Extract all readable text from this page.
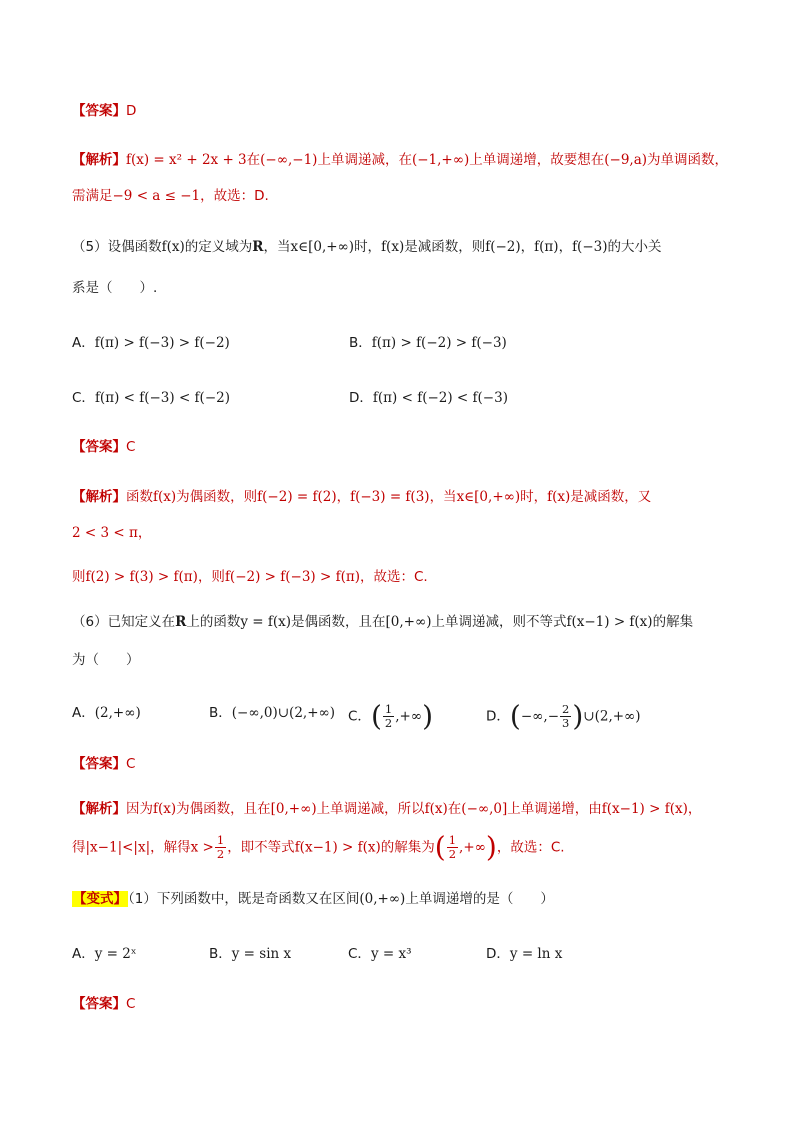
【答案】D
【解析】f(x) = x² + 2x + 3在(−∞,−1)上单调递减，在(−1,+∞)上单调递增，故要想在(−9,a)为单调函数，
需满足−9 < a ≤ −1，故选：D.
（5）设偶函数f(x)的定义域为R，当x∈[0,+∞)时，f(x)是减函数，则f(−2)，f(π)，f(−3)的大小关
系是（　　）.
A．f(π) > f(−3) > f(−2)	B．f(π) > f(−2) > f(−3)
C．f(π) < f(−3) < f(−2)	D．f(π) < f(−2) < f(−3)
【答案】C
【解析】函数f(x)为偶函数，则f(−2) = f(2)，f(−3) = f(3)，当x∈[0,+∞)时，f(x)是减函数，又
2 < 3 < π，
则f(2) > f(3) > f(π)，则f(−2) > f(−3) > f(π)，故选：C.
（6）已知定义在R上的函数y = f(x)是偶函数，且在[0,+∞)上单调递减，则不等式f(x−1) > f(x)的解集
为（　　）
A．(2,+∞)	B．(−∞,0)∪(2,+∞) C．( $\frac{1}{2}$ ,+∞)	D．(−∞,− $\frac{2}{3}$ )∪(2,+∞)
【答案】C
【解析】因为f(x)为偶函数，且在[0,+∞)上单调递减，所以f(x)在(−∞,0]上单调递增，由f(x−1) > f(x)，
得|x−1|<|x|，解得$x > \frac{1}{2}$ ，即不等式f(x−1) > f(x)的解集为( $\frac{1}{2}$ ,+∞)，故选：C.
【变式】（1）下列函数中，既是奇函数又在区间(0,+∞)上单调递增的是（　　）
A．y = 2ˣ	B．y = sin x	C．y = x³	D．y = ln x
【答案】C
